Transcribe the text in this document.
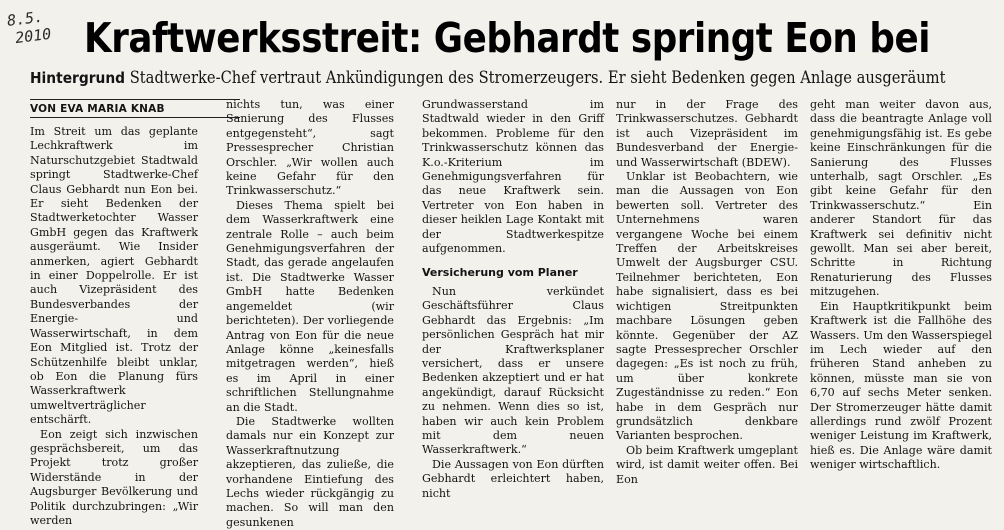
8.5.
2010 Kraftwerksstreit: Gebhardt springt Eon bei
Hintergrund Stadtwerke-Chef vertraut Ankündigungen des Stromerzeugers. Er sieht Bedenken gegen Anlage ausgeräumt
VON EVA MARIA KNAB

Im Streit um das geplante Lechkraftwerk im Naturschutzgebiet Stadtwald springt Stadtwerke-Chef Claus Gebhardt nun Eon bei. Er sieht Bedenken der Stadtwerketochter Wasser GmbH gegen das Kraftwerk ausgeräumt. Wie Insider anmerken, agiert Gebhardt in einer Doppelrolle. Er ist auch Vizepräsident des Bundesverbandes der Energie- und Wasserwirtschaft, in dem Eon Mitglied ist. Trotz der Schützenhilfe bleibt unklar, ob Eon die Planung fürs Wasserkraftwerk umweltverträglicher entschärft.

Eon zeigt sich inzwischen gesprächsbereit, um das Projekt trotz großer Widerstände in der Augsburger Bevölkerung und Politik durchzubringen: „Wir werden

nichts tun, was einer Sanierung des Flusses entgegensteht“, sagt Pressesprecher Christian Orschler. „Wir wollen auch keine Gefahr für den Trinkwasserschutz.“

Dieses Thema spielt bei dem Wasserkraftwerk eine zentrale Rolle – auch beim Genehmigungsverfahren der Stadt, das gerade angelaufen ist. Die Stadtwerke Wasser GmbH hatte Bedenken angemeldet (wir berichteten). Der vorliegende Antrag von Eon für die neue Anlage könne „keinesfalls mitgetragen werden“, hieß es im April in einer schriftlichen Stellungnahme an die Stadt.

Die Stadtwerke wollten damals nur ein Konzept zur Wasserkraftnutzung akzeptieren, das zuließe, die vorhandene Eintiefung des Lechs wieder rückgängig zu machen. So will man den gesunkenen

Grundwasserstand im Stadtwald wieder in den Griff bekommen. Probleme für den Trinkwasserschutz können das K.o.-Kriterium im Genehmigungsverfahren für das neue Kraftwerk sein. Vertreter von Eon haben in dieser heiklen Lage Kontakt mit der Stadtwerkespitze aufgenommen.

Versicherung vom Planer

Nun verkündet Geschäftsführer Claus Gebhardt das Ergebnis: „Im persönlichen Gespräch hat mir der Kraftwerksplaner versichert, dass er unsere Bedenken akzeptiert und er hat angekündigt, darauf Rücksicht zu nehmen. Wenn dies so ist, haben wir auch kein Problem mit dem neuen Wasserkraftwerk.“

Die Aussagen von Eon dürften Gebhardt erleichtert haben, nicht

nur in der Frage des Trinkwasserschutzes. Gebhardt ist auch Vizepräsident im Bundesverband der Energie- und Wasserwirtschaft (BDEW).

Unklar ist Beobachtern, wie man die Aussagen von Eon bewerten soll. Vertreter des Unternehmens waren vergangene Woche bei einem Treffen der Arbeitskreises Umwelt der Augsburger CSU. Teilnehmer berichteten, Eon habe signalisiert, dass es bei wichtigen Streitpunkten machbare Lösungen geben könnte. Gegenüber der AZ sagte Pressesprecher Orschler dagegen: „Es ist noch zu früh, um über konkrete Zugeständnisse zu reden.“ Eon habe in dem Gespräch nur grundsätzlich denkbare Varianten besprochen.

Ob beim Kraftwerk umgeplant wird, ist damit weiter offen. Bei Eon

geht man weiter davon aus, dass die beantragte Anlage voll genehmigungsfähig ist. Es gebe keine Einschränkungen für die Sanierung des Flusses unterhalb, sagt Orschler. „Es gibt keine Gefahr für den Trinkwasserschutz.“ Ein anderer Standort für das Kraftwerk sei definitiv nicht gewollt. Man sei aber bereit, Schritte in Richtung Renaturierung des Flusses mitzugehen.

Ein Hauptkritikpunkt beim Kraftwerk ist die Fallhöhe des Wassers. Um den Wasserspiegel im Lech wieder auf den früheren Stand anheben zu können, müsste man sie von 6,70 auf sechs Meter senken. Der Stromerzeuger hätte damit allerdings rund zwölf Prozent weniger Leistung im Kraftwerk, hieß es. Die Anlage wäre damit weniger wirtschaftlich.
